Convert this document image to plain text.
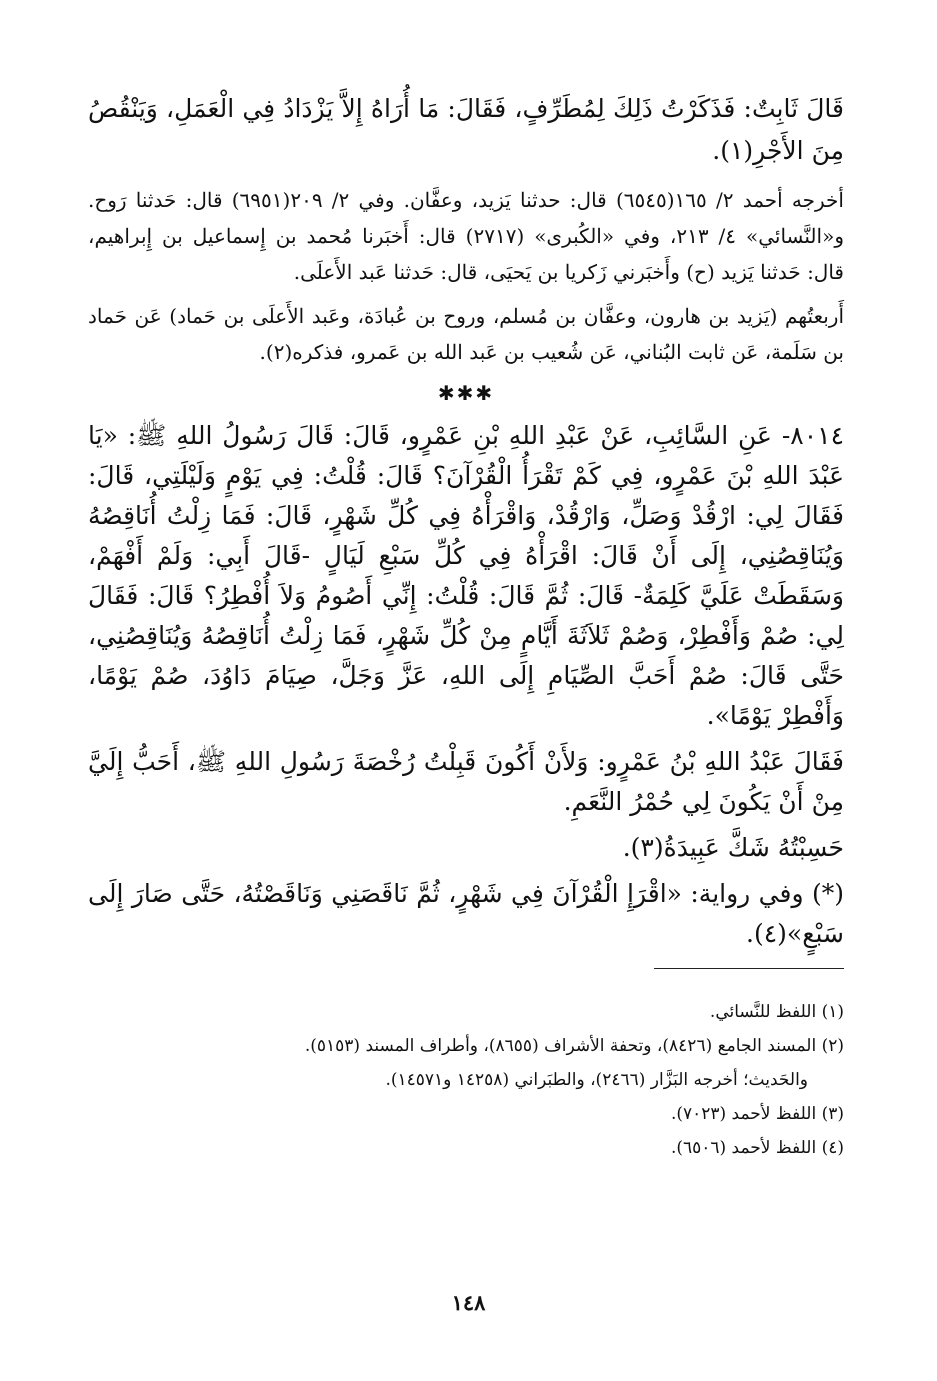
قَالَ ثَابِتٌ: فَذَكَرْتُ ذَلِكَ لِمُطَرِّفٍ، فَقَالَ: مَا أُرَاهُ إِلاَّ يَزْدَادُ فِي الْعَمَلِ، وَيَنْقُصُ مِنَ الأَجْرِ(١).

أخرجه أحمد ٢/ ١٦٥(٦٥٤٥) قال: حدثنا يَزيد، وعفَّان. وفي ٢/ ٢٠٩(٦٩٥١) قال: حَدثنا رَوح. و«النَّسائي» ٤/ ٢١٣، وفي «الكُبرى» (٢٧١٧) قال: أَخبَرنا مُحمد بن إِسماعيل بن إِبراهيم، قال: حَدثنا يَزيد (ح) وأَخبَرني زَكريا بن يَحيَى، قال: حَدثنا عَبد الأَعلَى.

أَربعتُهم (يَزيد بن هارون، وعفَّان بن مُسلم، وروح بن عُبادَة، وعَبد الأَعلَى بن حَماد) عَن حَماد بن سَلَمة، عَن ثابت البُناني، عَن شُعيب بن عَبد الله بن عَمرو، فذكره(٢).

✱✱✱

٨٠١٤- عَنِ السَّائِبِ، عَنْ عَبْدِ اللهِ بْنِ عَمْرٍو، قَالَ: قَالَ رَسُولُ اللهِ ﷺ: «يَا عَبْدَ اللهِ بْنَ عَمْرٍو، فِي كَمْ تَقْرَأُ الْقُرْآنَ؟ قَالَ: قُلْتُ: فِي يَوْمٍ وَلَيْلَتِي، قَالَ: فَقَالَ لِي: ارْقُدْ وَصَلِّ، وَارْقُدْ، وَاقْرَأْهُ فِي كُلِّ شَهْرٍ، قَالَ: فَمَا زِلْتُ أُنَاقِصُهُ وَيُنَاقِصُنِي، إِلَى أَنْ قَالَ: اقْرَأْهُ فِي كُلِّ سَبْعِ لَيَالٍ -قَالَ أَبِي: وَلَمْ أَفْهَمْ، وَسَقَطَتْ عَلَيَّ كَلِمَةٌ- قَالَ: ثُمَّ قَالَ: قُلْتُ: إِنِّي أَصُومُ وَلاَ أُفْطِرُ؟ قَالَ: فَقَالَ لِي: صُمْ وَأَفْطِرْ، وَصُمْ ثَلاَثَةَ أَيَّامٍ مِنْ كُلِّ شَهْرٍ، فَمَا زِلْتُ أُنَاقِصُهُ وَيُنَاقِصُنِي، حَتَّى قَالَ: صُمْ أَحَبَّ الصِّيَامِ إِلَى اللهِ، عَزَّ وَجَلَّ، صِيَامَ دَاوُدَ، صُمْ يَوْمًا، وَأَفْطِرْ يَوْمًا».

فَقَالَ عَبْدُ اللهِ بْنُ عَمْرٍو: وَلأَنْ أَكُونَ قَبِلْتُ رُخْصَةَ رَسُولِ اللهِ ﷺ، أَحَبُّ إِلَيَّ مِنْ أَنْ يَكُونَ لِي حُمْرُ النَّعَمِ.

حَسِبْتُهُ شَكَّ عَبِيدَةُ(٣).

(*) وفي رواية: «اقْرَإِ الْقُرْآنَ فِي شَهْرٍ، ثُمَّ نَاقَصَنِي وَنَاقَصْتُهُ، حَتَّى صَارَ إِلَى سَبْعٍ»(٤).

(١) اللفظ للنَّسائي.

(٢) المسند الجامع (٨٤٢٦)، وتحفة الأشراف (٨٦٥٥)، وأطراف المسند (٥١٥٣).

والحَديث؛ أخرجه البَزَّار (٢٤٦٦)، والطبَراني (١٤٢٥٨ و١٤٥٧١).

(٣) اللفظ لأحمد (٧٠٢٣).

(٤) اللفظ لأحمد (٦٥٠٦).

١٤٨
